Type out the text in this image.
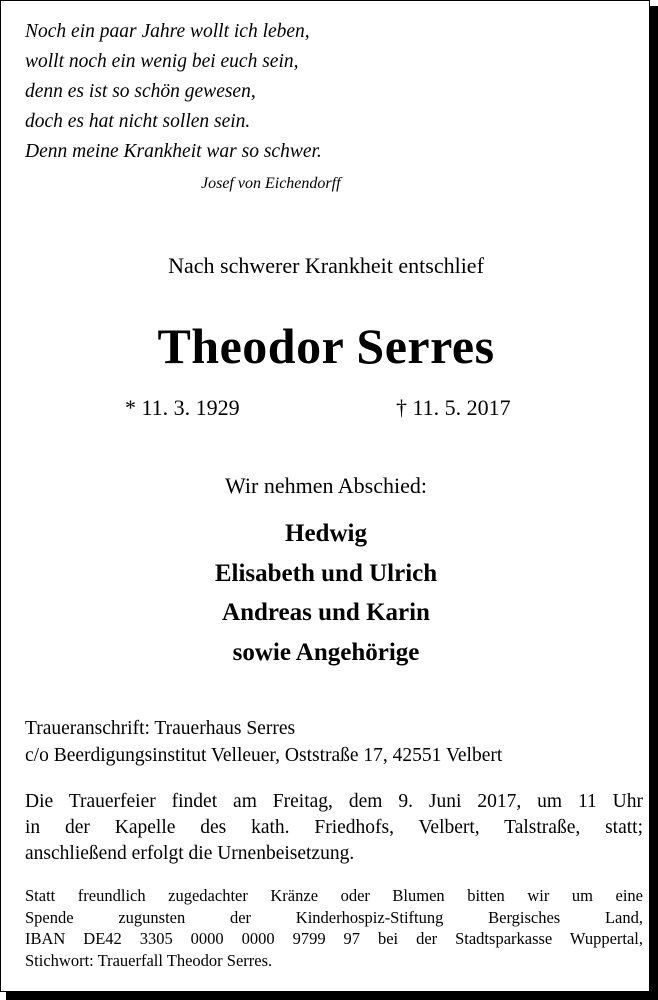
Noch ein paar Jahre wollt ich leben,
wollt noch ein wenig bei euch sein,
denn es ist so schön gewesen,
doch es hat nicht sollen sein.
Denn meine Krankheit war so schwer.
Josef von Eichendorff
Nach schwerer Krankheit entschlief
Theodor Serres
* 11. 3. 1929	† 11. 5. 2017
Wir nehmen Abschied:
Hedwig
Elisabeth und Ulrich
Andreas und Karin
sowie Angehörige
Traueranschrift: Trauerhaus Serres
c/o Beerdigungsinstitut Velleuer, Oststraße 17, 42551 Velbert
Die Trauerfeier findet am Freitag, dem 9. Juni 2017, um 11 Uhr
in der Kapelle des kath. Friedhofs, Velbert, Talstraße, statt;
anschließend erfolgt die Urnenbeisetzung.
Statt freundlich zugedachter Kränze oder Blumen bitten wir um eine
Spende zugunsten der Kinderhospiz-Stiftung Bergisches Land,
IBAN DE42 3305 0000 0000 9799 97 bei der Stadtsparkasse Wuppertal,
Stichwort: Trauerfall Theodor Serres.
